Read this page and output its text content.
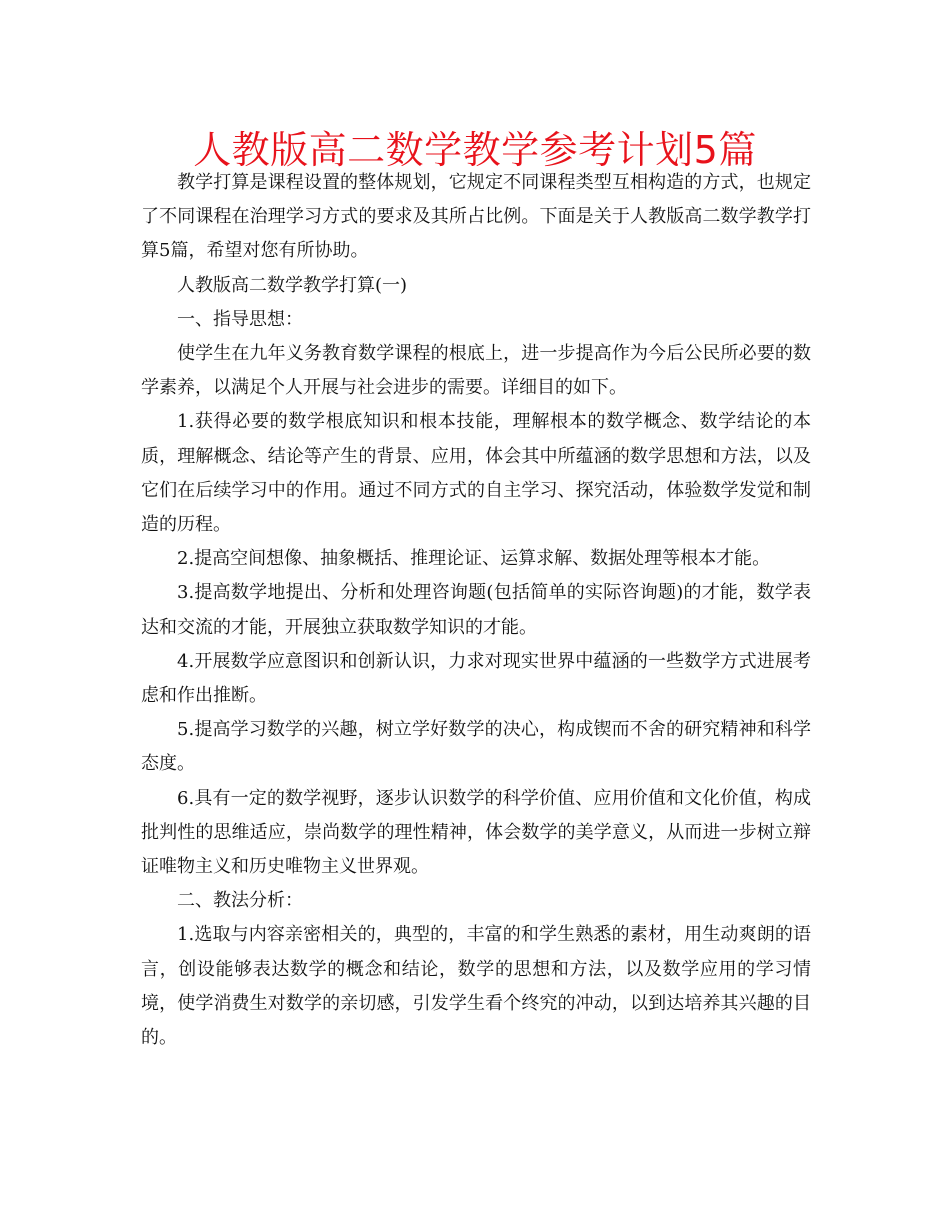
人教版高二数学教学参考计划5篇

教学打算是课程设置的整体规划，它规定不同课程类型互相构造的方式，也规定了不同课程在治理学习方式的要求及其所占比例。下面是关于人教版高二数学教学打算5篇，希望对您有所协助。

人教版高二数学教学打算(一)

一、指导思想：

使学生在九年义务教育数学课程的根底上，进一步提高作为今后公民所必要的数学素养，以满足个人开展与社会进步的需要。详细目的如下。

1.获得必要的数学根底知识和根本技能，理解根本的数学概念、数学结论的本质，理解概念、结论等产生的背景、应用，体会其中所蕴涵的数学思想和方法，以及它们在后续学习中的作用。通过不同方式的自主学习、探究活动，体验数学发觉和制造的历程。

2.提高空间想像、抽象概括、推理论证、运算求解、数据处理等根本才能。

3.提高数学地提出、分析和处理咨询题(包括简单的实际咨询题)的才能，数学表达和交流的才能，开展独立获取数学知识的才能。

4.开展数学应意图识和创新认识，力求对现实世界中蕴涵的一些数学方式进展考虑和作出推断。

5.提高学习数学的兴趣，树立学好数学的决心，构成锲而不舍的研究精神和科学态度。

6.具有一定的数学视野，逐步认识数学的科学价值、应用价值和文化价值，构成批判性的思维适应，崇尚数学的理性精神，体会数学的美学意义，从而进一步树立辩证唯物主义和历史唯物主义世界观。

二、教法分析：

1.选取与内容亲密相关的，典型的，丰富的和学生熟悉的素材，用生动爽朗的语言，创设能够表达数学的概念和结论，数学的思想和方法，以及数学应用的学习情境，使学消费生对数学的亲切感，引发学生看个终究的冲动，以到达培养其兴趣的目的。
